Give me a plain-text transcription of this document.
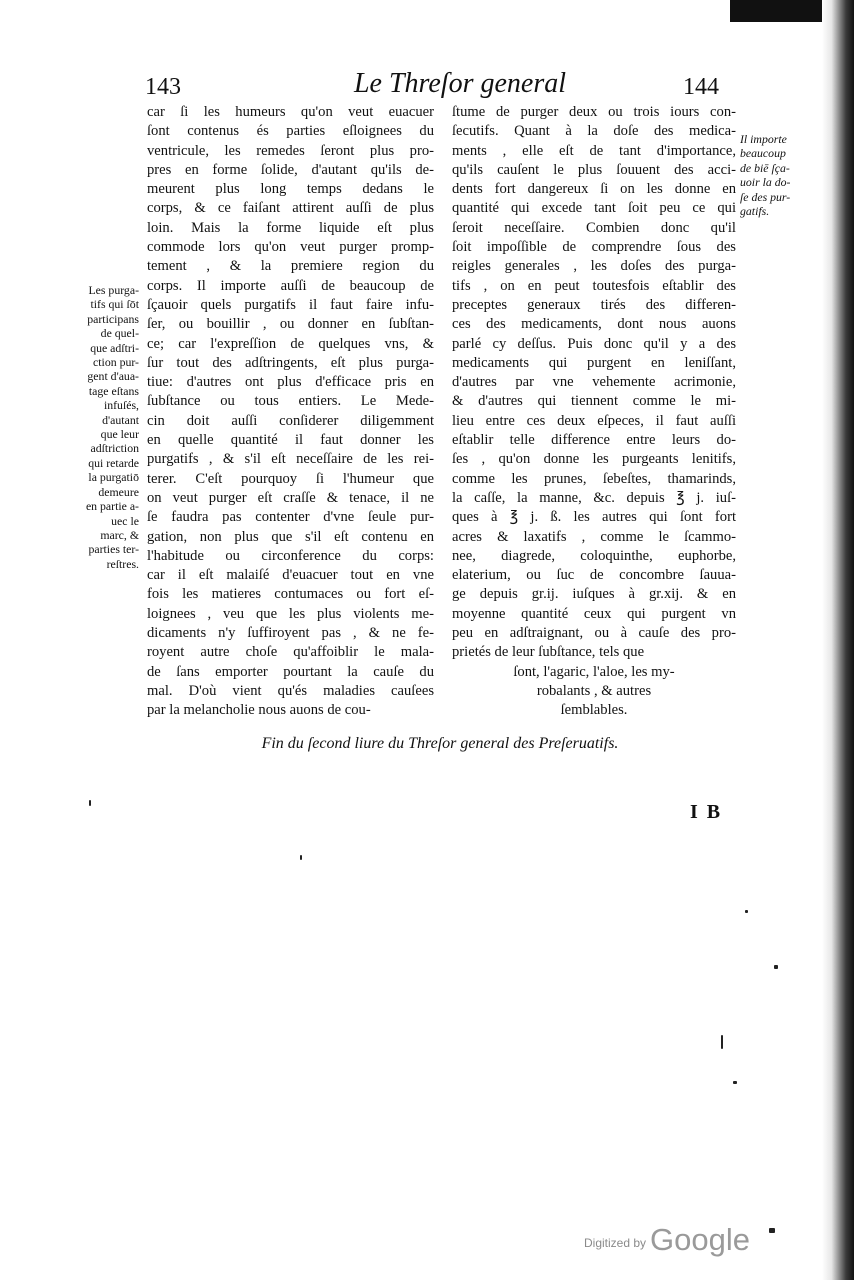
143	Le Threſor general	144
Les purga-
tifs qui ſōt
participans
de quel-
que adſtri-
ction pur-
gent d'aua-
tage eſtans
infuſés,
d'autant
que leur
adſtriction
qui retarde
la purgatiō
demeure
en partie a-
uec le
marc, &
parties ter-
reſtres.
car ſi les humeurs qu'on veut euacuer
ſont contenus és parties eſloignees du
ventricule, les remedes ſeront plus pro-
pres en forme ſolide, d'autant qu'ils de-
meurent plus long temps dedans le
corps, & ce faiſant attirent auſſi de plus
loin. Mais la forme liquide eſt plus
commode lors qu'on veut purger promp-
tement , & la premiere region du
corps. Il importe auſſi de beaucoup de
ſçauoir quels purgatifs il faut faire infu-
ſer, ou bouillir , ou donner en ſubſtan-
ce; car l'expreſſion de quelques vns, &
ſur tout des adſtringents, eſt plus purga-
tiue: d'autres ont plus d'efficace pris en
ſubſtance ou tous entiers. Le Mede-
cin doit auſſi conſiderer diligemment
en quelle quantité il faut donner les
purgatifs , & s'il eſt neceſſaire de les rei-
terer. C'eſt pourquoy ſi l'humeur que
on veut purger eſt craſſe & tenace, il ne
ſe faudra pas contenter d'vne ſeule pur-
gation, non plus que s'il eſt contenu en
l'habitude ou circonference du corps:
car il eſt malaiſé d'euacuer tout en vne
fois les matieres contumaces ou fort eſ-
loignees , veu que les plus violents me-
dicaments n'y ſuffiroyent pas , & ne fe-
royent autre choſe qu'affoiblir le mala-
de ſans emporter pourtant la cauſe du
mal. D'où vient qu'és maladies cauſees
par la melancholie nous auons de cou-
ſtume de purger deux ou trois iours con-
ſecutifs. Quant à la doſe des medica-
ments , elle eſt de tant d'importance,
qu'ils cauſent le plus ſouuent des acci-
dents fort dangereux ſi on les donne en
quantité qui excede tant ſoit peu ce qui
ſeroit neceſſaire. Combien donc qu'il
ſoit impoſſible de comprendre ſous des
reigles generales , les doſes des purga-
tifs , on en peut toutesfois eſtablir des
preceptes generaux tirés des differen-
ces des medicaments, dont nous auons
parlé cy deſſus. Puis donc qu'il y a des
medicaments qui purgent en leniſſant,
d'autres par vne vehemente acrimonie,
& d'autres qui tiennent comme le mi-
lieu entre ces deux eſpeces, il faut auſſi
eſtablir telle difference entre leurs do-
ſes , qu'on donne les purgeants lenitifs,
comme les prunes, ſebeſtes, thamarinds,
la caſſe, la manne, &c. depuis ℥ j. iuſ-
ques à ℥ j. ß. les autres qui ſont fort
acres & laxatifs , comme le ſcammo-
nee, diagrede, coloquinthe, euphorbe,
elaterium, ou ſuc de concombre ſauua-
ge depuis gr.ij. iuſques à gr.xij. & en
moyenne quantité ceux qui purgent vn
peu en adſtraignant, ou à cauſe des pro-
prietés de leur ſubſtance, tels que
ſont, l'agaric, l'aloe, les my-
robalants , & autres
ſemblables.
Il importe
beaucoup
de biē ſça-
uoir la do-
ſe des pur-
gatifs.
Fin du ſecond liure du Threſor general des Preſeruatifs.
I B
Digitized by Google
